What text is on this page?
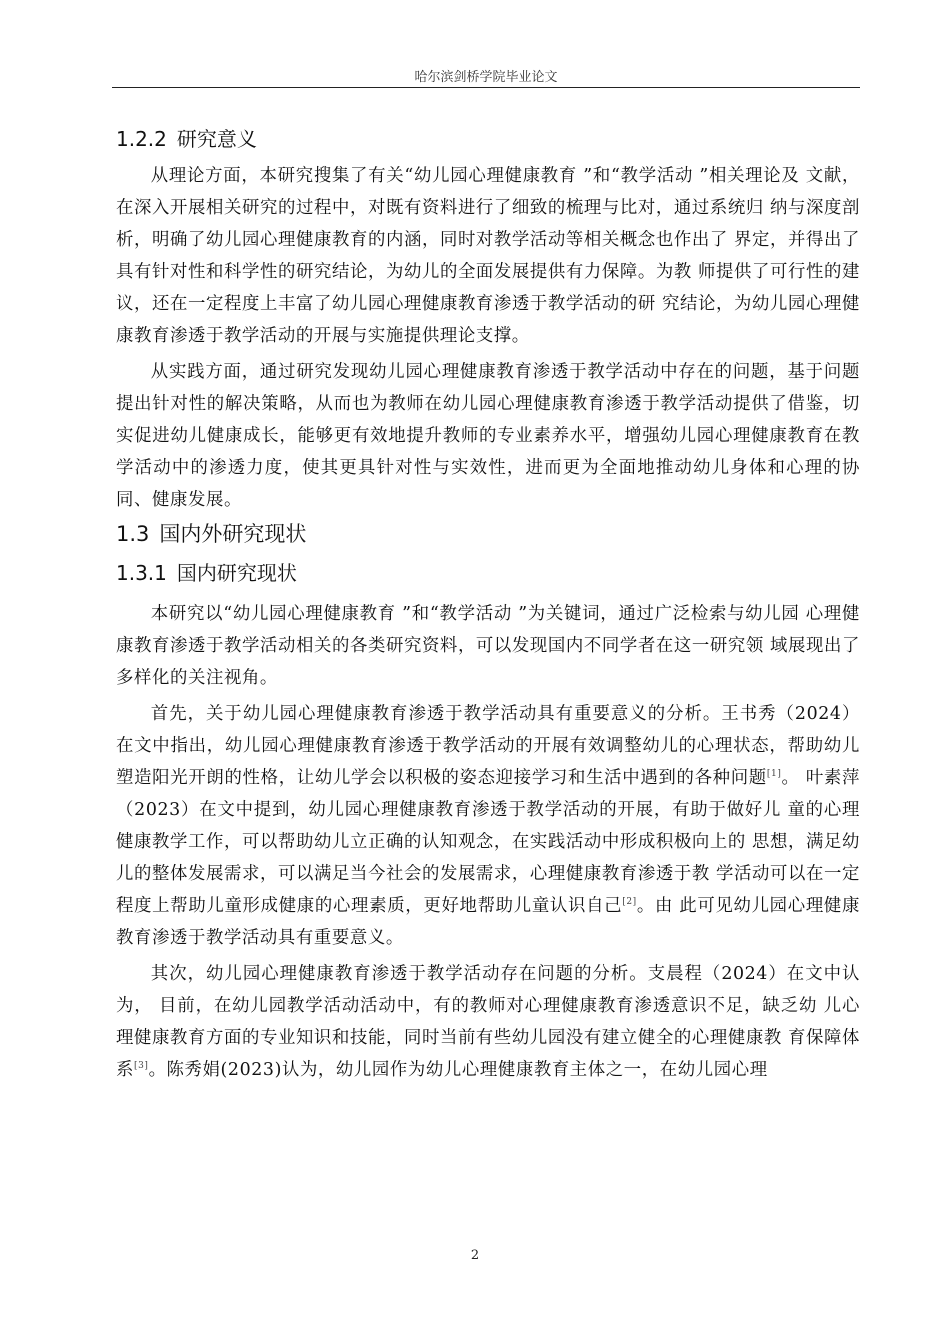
哈尔滨剑桥学院毕业论文
1.2.2 研究意义

从理论方面，本研究搜集了有关“幼儿园心理健康教育 ”和“教学活动 ”相关理论及 文献，在深入开展相关研究的过程中，对既有资料进行了细致的梳理与比对，通过系统归 纳与深度剖析，明确了幼儿园心理健康教育的内涵，同时对教学活动等相关概念也作出了 界定，并得出了具有针对性和科学性的研究结论，为幼儿的全面发展提供有力保障。为教 师提供了可行性的建议，还在一定程度上丰富了幼儿园心理健康教育渗透于教学活动的研 究结论，为幼儿园心理健康教育渗透于教学活动的开展与实施提供理论支撑。

从实践方面，通过研究发现幼儿园心理健康教育渗透于教学活动中存在的问题，基于问题提出针对性的解决策略，从而也为教师在幼儿园心理健康教育渗透于教学活动提供了借鉴，切实促进幼儿健康成长，能够更有效地提升教师的专业素养水平，增强幼儿园心理健康教育在教学活动中的渗透力度，使其更具针对性与实效性，进而更为全面地推动幼儿身体和心理的协同、健康发展。

1.3 国内外研究现状
1.3.1 国内研究现状

本研究以“幼儿园心理健康教育 ”和“教学活动 ”为关键词，通过广泛检索与幼儿园 心理健康教育渗透于教学活动相关的各类研究资料，可以发现国内不同学者在这一研究领 域展现出了多样化的关注视角。

首先，关于幼儿园心理健康教育渗透于教学活动具有重要意义的分析。王书秀（2024）在文中指出，幼儿园心理健康教育渗透于教学活动的开展有效调整幼儿的心理状态，帮助幼儿塑造阳光开朗的性格，让幼儿学会以积极的姿态迎接学习和生活中遇到的各种问题[1]。 叶素萍（2023）在文中提到，幼儿园心理健康教育渗透于教学活动的开展，有助于做好儿 童的心理健康教学工作，可以帮助幼儿立正确的认知观念，在实践活动中形成积极向上的 思想，满足幼儿的整体发展需求，可以满足当今社会的发展需求，心理健康教育渗透于教 学活动可以在一定程度上帮助儿童形成健康的心理素质，更好地帮助儿童认识自己[2]。由 此可见幼儿园心理健康教育渗透于教学活动具有重要意义。

其次，幼儿园心理健康教育渗透于教学活动存在问题的分析。支晨程（2024）在文中认为， 目前，在幼儿园教学活动活动中，有的教师对心理健康教育渗透意识不足，缺乏幼 儿心理健康教育方面的专业知识和技能，同时当前有些幼儿园没有建立健全的心理健康教 育保障体系[3]。陈秀娟(2023)认为，幼儿园作为幼儿心理健康教育主体之一，在幼儿园心理

2
